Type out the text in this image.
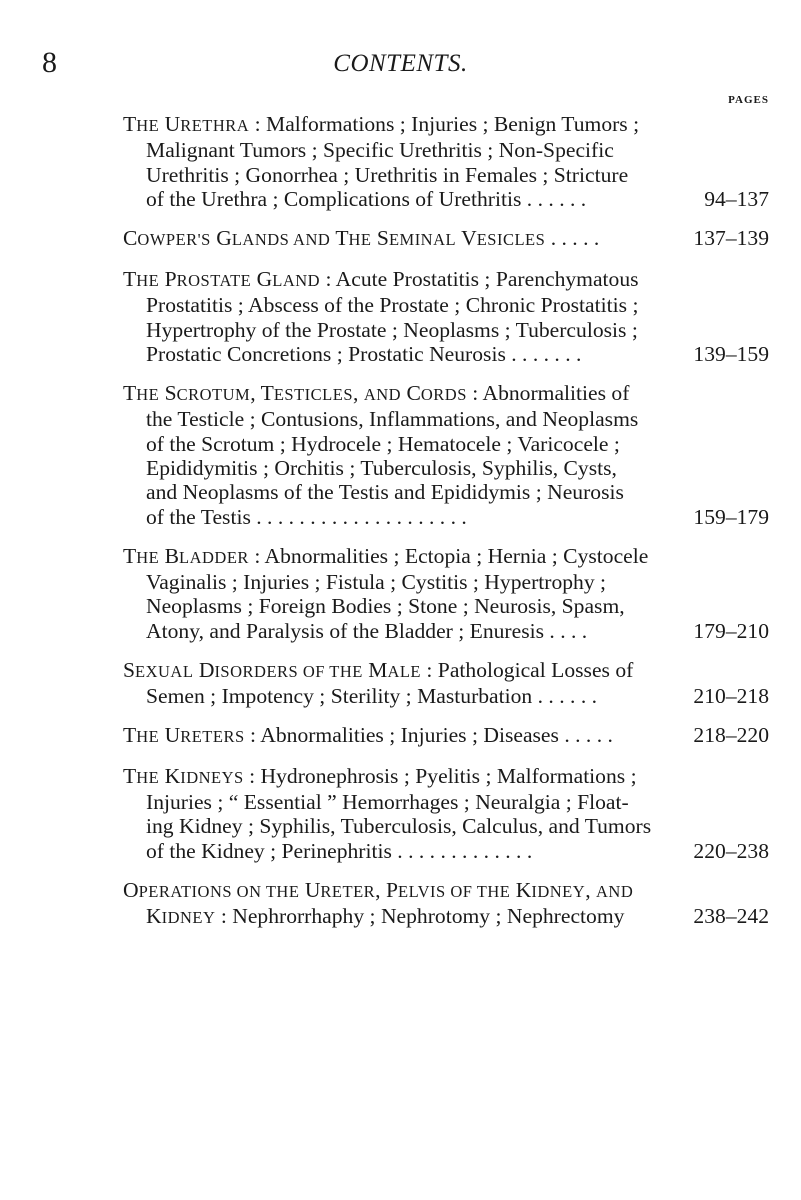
8	CONTENTS.
PAGES
THE URETHRA : Malformations ; Injuries ; Benign Tumors ;
Malignant Tumors ; Specific Urethritis ; Non-Specific
Urethritis ; Gonorrhea ; Urethritis in Females ; Stricture
of the Urethra ; Complications of Urethritis . . . . . .	94–137
COWPER'S GLANDS AND THE SEMINAL VESICLES . . . . .	137–139
THE PROSTATE GLAND : Acute Prostatitis ; Parenchymatous
Prostatitis ; Abscess of the Prostate ; Chronic Prostatitis ;
Hypertrophy of the Prostate ; Neoplasms ; Tuberculosis ;
Prostatic Concretions ; Prostatic Neurosis . . . . . . .	139–159
THE SCROTUM, TESTICLES, AND CORDS : Abnormalities of
the Testicle ; Contusions, Inflammations, and Neoplasms
of the Scrotum ; Hydrocele ; Hematocele ; Varicocele ;
Epididymitis ; Orchitis ; Tuberculosis, Syphilis, Cysts,
and Neoplasms of the Testis and Epididymis ; Neurosis
of the Testis . . . . . . . . . . . . . . . . . . . .	159–179
THE BLADDER : Abnormalities ; Ectopia ; Hernia ; Cystocele
Vaginalis ; Injuries ; Fistula ; Cystitis ; Hypertrophy ;
Neoplasms ; Foreign Bodies ; Stone ; Neurosis, Spasm,
Atony, and Paralysis of the Bladder ; Enuresis . . . .	179–210
SEXUAL DISORDERS OF THE MALE : Pathological Losses of
Semen ; Impotency ; Sterility ; Masturbation . . . . . .	210–218
THE URETERS : Abnormalities ; Injuries ; Diseases . . . . .	218–220
THE KIDNEYS : Hydronephrosis ; Pyelitis ; Malformations ;
Injuries ; “ Essential ” Hemorrhages ; Neuralgia ; Float-
ing Kidney ; Syphilis, Tuberculosis, Calculus, and Tumors
of the Kidney ; Perinephritis . . . . . . . . . . . . .	220–238
OPERATIONS ON THE URETER, PELVIS OF THE KIDNEY, AND
KIDNEY : Nephrorrhaphy ; Nephrotomy ; Nephrectomy	238–242
